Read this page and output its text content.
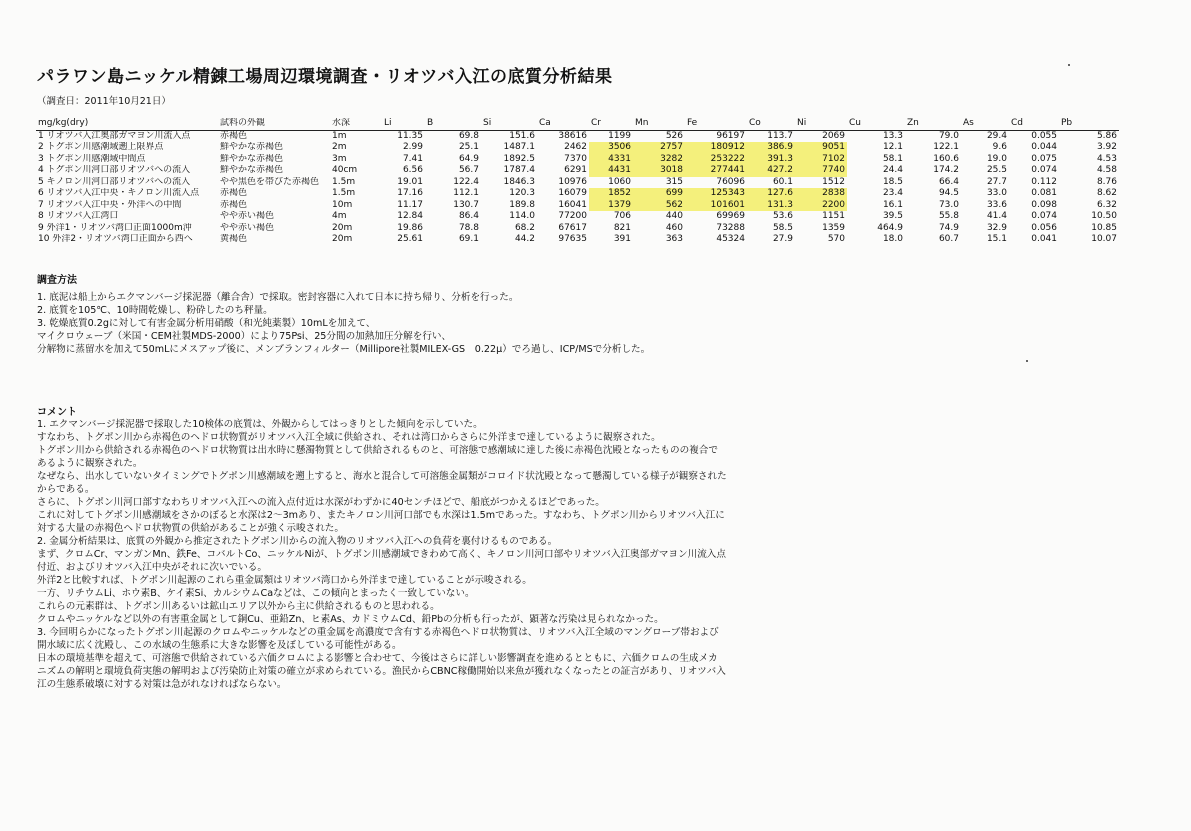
パラワン島ニッケル精錬工場周辺環境調査・リオツバ入江の底質分析結果
（調査日：2011年10月21日）
mg/kg(dry)	試料の外観	水深	Li	B	Si	Ca	Cr	Mn	Fe	Co	Ni	Cu	Zn	As	Cd	Pb
1 リオツバ入江奥部ガマヨン川流入点	赤褐色	1m	11.35	69.8	151.6	38616	1199	526	96197	113.7	2069	13.3	79.0	29.4	0.055	5.86
2 トグポン川感潮域遡上限界点	鮮やかな赤褐色	2m	2.99	25.1	1487.1	2462	3506	2757	180912	386.9	9051	12.1	122.1	9.6	0.044	3.92
3 トグポン川感潮域中間点	鮮やかな赤褐色	3m	7.41	64.9	1892.5	7370	4331	3282	253222	391.3	7102	58.1	160.6	19.0	0.075	4.53
4 トグポン川河口部リオツバへの流入	鮮やかな赤褐色	40cm	6.56	56.7	1787.4	6291	4431	3018	277441	427.2	7740	24.4	174.2	25.5	0.074	4.58
5 キノロン川河口部リオツバへの流入	やや黒色を帯びた赤褐色	1.5m	19.01	122.4	1846.3	10976	1060	315	76096	60.1	1512	18.5	66.4	27.7	0.112	8.76
6 リオツバ入江中央・キノロン川流入点	赤褐色	1.5m	17.16	112.1	120.3	16079	1852	699	125343	127.6	2838	23.4	94.5	33.0	0.081	8.62
7 リオツバ入江中央・外洋への中間	赤褐色	10m	11.17	130.7	189.8	16041	1379	562	101601	131.3	2200	16.1	73.0	33.6	0.098	6.32
8 リオツバ入江湾口	やや赤い褐色	4m	12.84	86.4	114.0	77200	706	440	69969	53.6	1151	39.5	55.8	41.4	0.074	10.50
9 外洋1・リオツバ湾口正面1000m沖	やや赤い褐色	20m	19.86	78.8	68.2	67617	821	460	73288	58.5	1359	464.9	74.9	32.9	0.056	10.85
10 外洋2・リオツバ湾口正面から西へ	黄褐色	20m	25.61	69.1	44.2	97635	391	363	45324	27.9	570	18.0	60.7	15.1	0.041	10.07
調査方法

1. 底泥は船上からエクマンバージ採泥器（離合舎）で採取。密封容器に入れて日本に持ち帰り、分析を行った。

2. 底質を105℃、10時間乾燥し、粉砕したのち秤量。

3. 乾燥底質0.2gに対して有害金属分析用硝酸（和光純薬製）10mLを加えて、

マイクロウェーブ（米国・CEM社製MDS-2000）により75Psi、25分間の加熱加圧分解を行い、

分解物に蒸留水を加えて50mLにメスアップ後に、メンブランフィルター（Millipore社製MILEX-GS　0.22μ）でろ過し、ICP/MSで分析した。

コメント

1. エクマンバージ採泥器で採取した10検体の底質は、外観からしてはっきりとした傾向を示していた。

すなわち、トグポン川から赤褐色のヘドロ状物質がリオツバ入江全域に供給され、それは湾口からさらに外洋まで達しているように観察された。

トグポン川から供給される赤褐色のヘドロ状物質は出水時に懸濁物質として供給されるものと、可溶態で感潮域に達した後に赤褐色沈殿となったものの複合であるように観察された。

なぜなら、出水していないタイミングでトグポン川感潮域を遡上すると、海水と混合して可溶態金属類がコロイド状沈殿となって懸濁している様子が観察されたからである。

さらに、トグポン川河口部すなわちリオツバ入江への流入点付近は水深がわずかに40センチほどで、船底がつかえるほどであった。

これに対してトグポン川感潮域をさかのぼると水深は2～3mあり、またキノロン川河口部でも水深は1.5mであった。すなわち、トグポン川からリオツバ入江に対する大量の赤褐色ヘドロ状物質の供給があることが強く示唆された。

2. 金属分析結果は、底質の外観から推定されたトグポン川からの流入物のリオツバ入江への負荷を裏付けるものである。

まず、クロムCr、マンガンMn、鉄Fe、コバルトCo、ニッケルNiが、トグポン川感潮域できわめて高く、キノロン川河口部やリオツバ入江奥部ガマヨン川流入点付近、およびリオツバ入江中央がそれに次いでいる。

外洋2と比較すれば、トグポン川起源のこれら重金属類はリオツバ湾口から外洋まで達していることが示唆される。

一方、リチウムLi、ホウ素B、ケイ素Si、カルシウムCaなどは、この傾向とまったく一致していない。

これらの元素群は、トグポン川あるいは鉱山エリア以外から主に供給されるものと思われる。

クロムやニッケルなど以外の有害重金属として銅Cu、亜鉛Zn、ヒ素As、カドミウムCd、鉛Pbの分析も行ったが、顕著な汚染は見られなかった。

3. 今回明らかになったトグポン川起源のクロムやニッケルなどの重金属を高濃度で含有する赤褐色ヘドロ状物質は、リオツバ入江全域のマングローブ帯および開水域に広く沈殿し、この水域の生態系に大きな影響を及ぼしている可能性がある。

日本の環境基準を超えて、可溶態で供給されている六価クロムによる影響と合わせて、今後はさらに詳しい影響調査を進めるとともに、六価クロムの生成メカニズムの解明と環境負荷実態の解明および汚染防止対策の確立が求められている。漁民からCBNC稼働開始以来魚が獲れなくなったとの証言があり、リオツバ入江の生態系破壊に対する対策は急がれなければならない。
